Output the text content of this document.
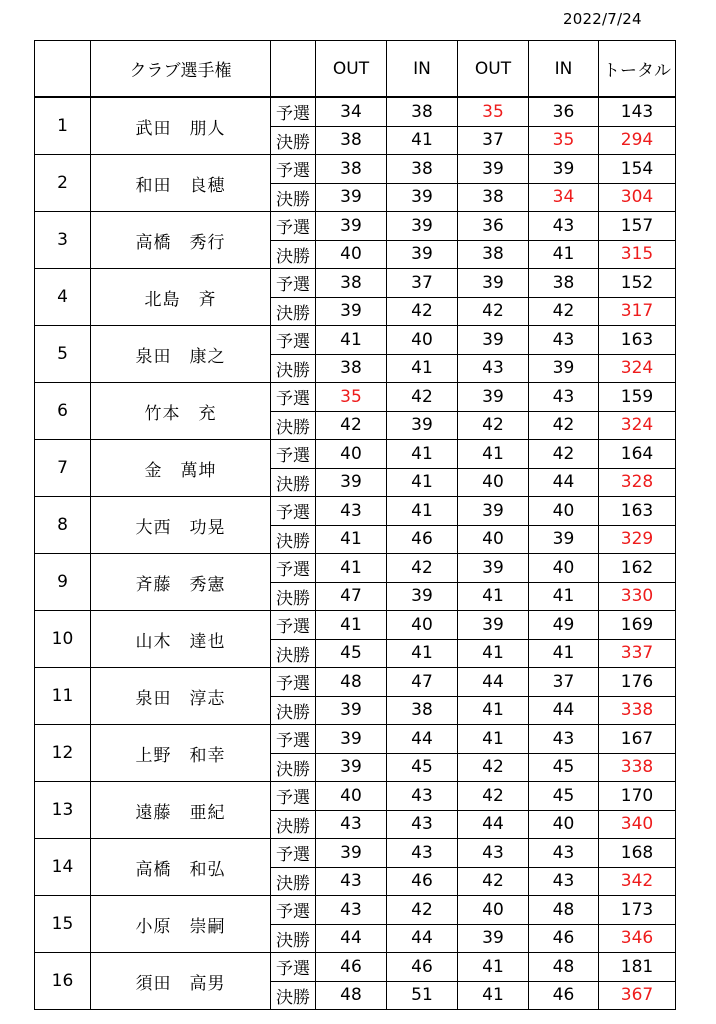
2022/7/24
	クラブ選手権		OUT	IN	OUT	IN	トータル
1	武田　朋人	予選	34	38	35	36	143
		決勝	38	41	37	35	294
2	和田　良穂	予選	38	38	39	39	154
		決勝	39	39	38	34	304
3	高橋　秀行	予選	39	39	36	43	157
		決勝	40	39	38	41	315
4	北島　斉	予選	38	37	39	38	152
		決勝	39	42	42	42	317
5	泉田　康之	予選	41	40	39	43	163
		決勝	38	41	43	39	324
6	竹本　充	予選	35	42	39	43	159
		決勝	42	39	42	42	324
7	金　萬坤	予選	40	41	41	42	164
		決勝	39	41	40	44	328
8	大西　功晃	予選	43	41	39	40	163
		決勝	41	46	40	39	329
9	斉藤　秀憲	予選	41	42	39	40	162
		決勝	47	39	41	41	330
10	山木　達也	予選	41	40	39	49	169
		決勝	45	41	41	41	337
11	泉田　淳志	予選	48	47	44	37	176
		決勝	39	38	41	44	338
12	上野　和幸	予選	39	44	41	43	167
		決勝	39	45	42	45	338
13	遠藤　亜紀	予選	40	43	42	45	170
		決勝	43	43	44	40	340
14	高橋　和弘	予選	39	43	43	43	168
		決勝	43	46	42	43	342
15	小原　崇嗣	予選	43	42	40	48	173
		決勝	44	44	39	46	346
16	須田　高男	予選	46	46	41	48	181
		決勝	48	51	41	46	367
